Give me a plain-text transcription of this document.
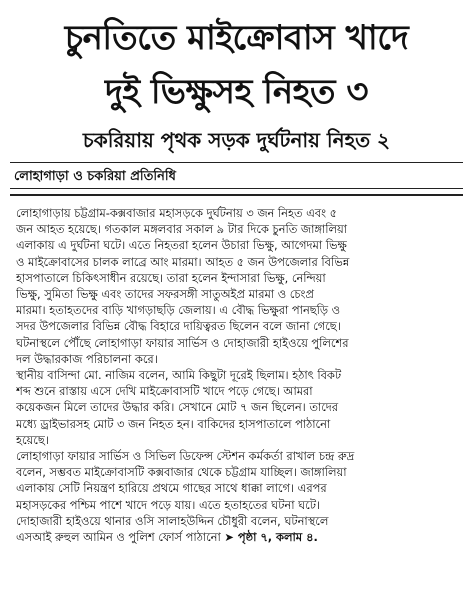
চুনতিতে মাইক্রোবাস খাদে
দুই ভিক্ষুসহ নিহত ৩
চকরিয়ায় পৃথক সড়ক দুর্ঘটনায় নিহত ২
লোহাগাড়া ও চকরিয়া প্রতিনিধি

লোহাগাড়ায় চট্টগ্রাম-কক্সবাজার মহাসড়কে দুর্ঘটনায় ৩ জন নিহত এবং ৫
জন আহত হয়েছে। গতকাল মঙ্গলবার সকাল ৯ টার দিকে চুনতি জাঙ্গালিয়া
এলাকায় এ দুর্ঘটনা ঘটে। এতে নিহতরা হলেন উচারা ভিক্ষু, আগেদমা ভিক্ষু
ও মাইক্রোবাসের চালক লাব্রে আং মারমা। আহত ৫ জন উপজেলার বিভিন্ন
হাসপাতালে চিকিৎসাধীন রয়েছে। তারা হলেন ইন্দাসারা ভিক্ষু, নেন্দিয়া
ভিক্ষু, সুমিতা ভিক্ষু এবং তাদের সফরসঙ্গী সাতুঅইপ্র মারমা ও চেংপ্র
মারমা। হতাহতদের বাড়ি খাগড়াছড়ি জেলায়। এ বৌদ্ধ ভিক্ষুরা পানছড়ি ও
সদর উপজেলার বিভিন্ন বৌদ্ধ বিহারে দায়িত্বরত ছিলেন বলে জানা গেছে।
ঘটনাস্থলে পৌঁছে লোহাগাড়া ফায়ার সার্ভিস ও দোহাজারী হাইওয়ে পুলিশের
দল উদ্ধারকাজ পরিচালনা করে।
স্থানীয় বাসিন্দা মো. নাজিম বলেন, আমি কিছুটা দূরেই ছিলাম। হঠাৎ বিকট
শব্দ শুনে রাস্তায় এসে দেখি মাইক্রোবাসটি খাদে পড়ে গেছে। আমরা
কয়েকজন মিলে তাদের উদ্ধার করি। সেখানে মোট ৭ জন ছিলেন। তাদের
মধ্যে ড্রাইভারসহ মোট ৩ জন নিহত হন। বাকিদের হাসপাতালে পাঠানো
হয়েছে।
লোহাগাড়া ফায়ার সার্ভিস ও সিভিল ডিফেন্স স্টেশন কর্মকর্তা রাখাল চন্দ্র রুদ্র
বলেন, সম্ভবত মাইক্রোবাসটি কক্সবাজার থেকে চট্টগ্রাম যাচ্ছিল। জাঙ্গালিয়া
এলাকায় সেটি নিয়ন্ত্রণ হারিয়ে প্রথমে গাছের সাথে ধাক্কা লাগে। এরপর
মহাসড়কের পশ্চিম পাশে খাদে পড়ে যায়। এতে হতাহতের ঘটনা ঘটে।
দোহাজারী হাইওয়ে থানার ওসি সালাহউদ্দিন চৌধুরী বলেন, ঘটনাস্থলে
এসআই রুহুল আমিন ও পুলিশ ফোর্স পাঠানো ➤ পৃষ্ঠা ৭, কলাম ৪.
